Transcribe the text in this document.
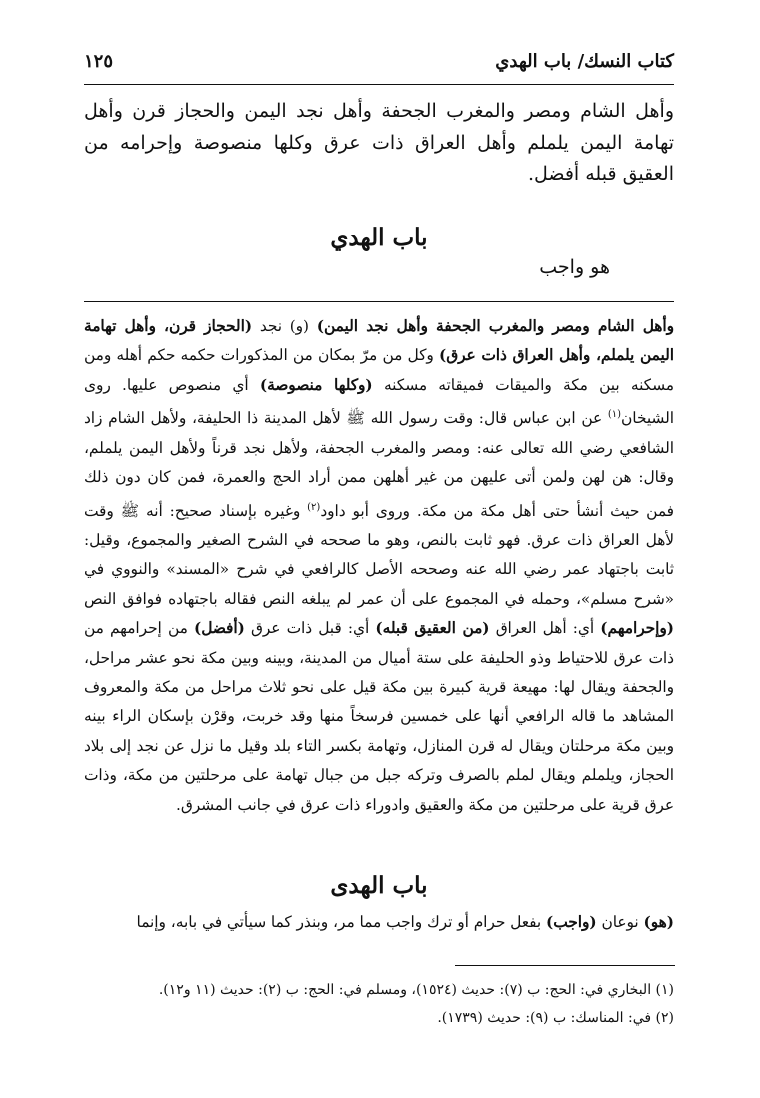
كتاب النسك/ باب الهدي
١٢٥

وأهل الشام ومصر والمغرب الجحفة وأهل نجد اليمن والحجاز قرن وأهل تهامة اليمن يلملم وأهل العراق ذات عرق وكلها منصوصة وإحرامه من العقيق قبله أفضل.

باب الهدي
هو واجب

وأهل الشام ومصر والمغرب الجحفة وأهل نجد اليمن) (و) نجد (الحجاز قرن، وأهل تهامة اليمن يلملم، وأهل العراق ذات عرق) وكل من مرّ بمكان من المذكورات حكمه حكم أهله ومن مسكنه بين مكة والميقات فميقاته مسكنه (وكلها منصوصة) أي منصوص عليها. روى الشيخان$^{(١)}$ عن ابن عباس قال: وقت رسول الله ﷺ لأهل المدينة ذا الحليفة، ولأهل الشام زاد الشافعي رضي الله تعالى عنه: ومصر والمغرب الجحفة، ولأهل نجد قرناً ولأهل اليمن يلملم، وقال: هن لهن ولمن أتى عليهن من غير أهلهن ممن أراد الحج والعمرة، فمن كان دون ذلك فمن حيث أنشأ حتى أهل مكة من مكة. وروى أبو داود$^{(٢)}$ وغيره بإسناد صحيح: أنه ﷺ وقت لأهل العراق ذات عرق. فهو ثابت بالنص، وهو ما صححه في الشرح الصغير والمجموع، وقيل: ثابت باجتهاد عمر رضي الله عنه وصححه الأصل كالرافعي في شرح «المسند» والنووي في «شرح مسلم»، وحمله في المجموع على أن عمر لم يبلغه النص فقاله باجتهاده فوافق النص (وإحرامهم) أي: أهل العراق (من العقيق قبله) أي: قبل ذات عرق (أفضل) من إحرامهم من ذات عرق للاحتياط وذو الحليفة على ستة أميال من المدينة، وبينه وبين مكة نحو عشر مراحل، والجحفة ويقال لها: مهيعة قرية كبيرة بين مكة قيل على نحو ثلاث مراحل من مكة والمعروف المشاهد ما قاله الرافعي أنها على خمسين فرسخاً منها وقد خربت، وقرْن بإسكان الراء بينه وبين مكة مرحلتان ويقال له قرن المنازل، وتهامة بكسر التاء بلد وقيل ما نزل عن نجد إلى بلاد الحجاز، ويلملم ويقال لملم بالصرف وتركه جبل من جبال تهامة على مرحلتين من مكة، وذات عرق قرية على مرحلتين من مكة والعقيق وادوراء ذات عرق في جانب المشرق.

باب الهدى

(هو) نوعان (واجب) بفعل حرام أو ترك واجب مما مر، وبنذر كما سيأتي في بابه، وإنما

(١) البخاري في: الحج: ب (٧): حديث (١٥٢٤)، ومسلم في: الحج: ب (٢): حديث (١١ و١٢).

(٢) في: المناسك: ب (٩): حديث (١٧٣٩).
